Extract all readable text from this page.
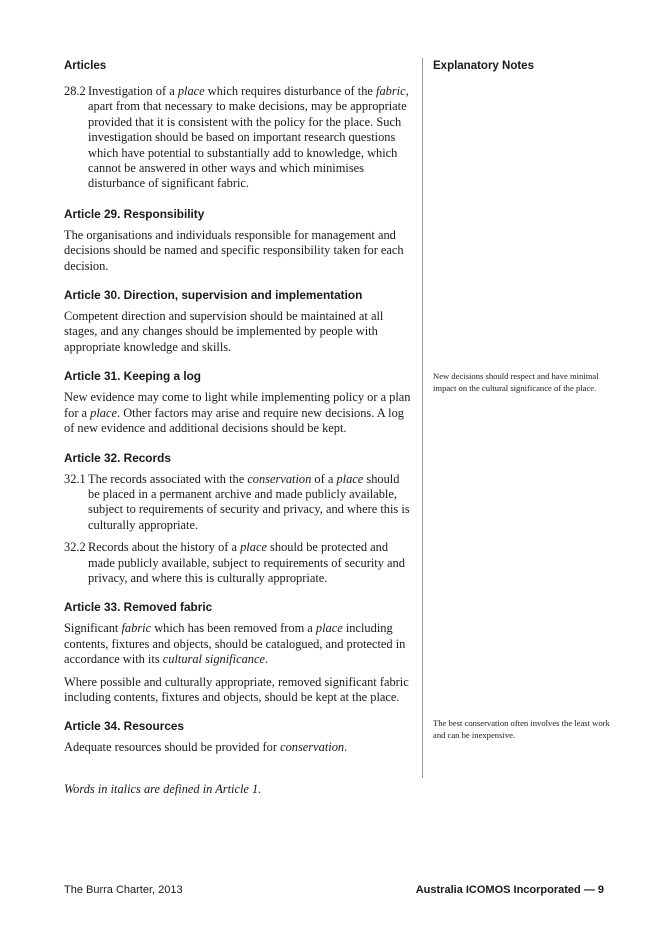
Articles
28.2 Investigation of a place which requires disturbance of the fabric, apart from that necessary to make decisions, may be appropriate provided that it is consistent with the policy for the place. Such investigation should be based on important research questions which have potential to substantially add to knowledge, which cannot be answered in other ways and which minimises disturbance of significant fabric.
Article 29. Responsibility

The organisations and individuals responsible for management and decisions should be named and specific responsibility taken for each decision.

Article 30. Direction, supervision and implementation

Competent direction and supervision should be maintained at all stages, and any changes should be implemented by people with appropriate knowledge and skills.

Article 31. Keeping a log

New evidence may come to light while implementing policy or a plan for a place. Other factors may arise and require new decisions. A log of new evidence and additional decisions should be kept.

Article 32. Records
32.1 The records associated with the conservation of a place should be placed in a permanent archive and made publicly available, subject to requirements of security and privacy, and where this is culturally appropriate.
32.2 Records about the history of a place should be protected and made publicly available, subject to requirements of security and privacy, and where this is culturally appropriate.
Article 33. Removed fabric

Significant fabric which has been removed from a place including contents, fixtures and objects, should be catalogued, and protected in accordance with its cultural significance.

Where possible and culturally appropriate, removed significant fabric including contents, fixtures and objects, should be kept at the place.

Article 34. Resources

Adequate resources should be provided for conservation.

Words in italics are defined in Article 1.

Explanatory Notes
New decisions should respect and have minimal impact on the cultural significance of the place.
The best conservation often involves the least work and can be inexpensive.
The Burra Charter, 2013	Australia ICOMOS Incorporated — 9
